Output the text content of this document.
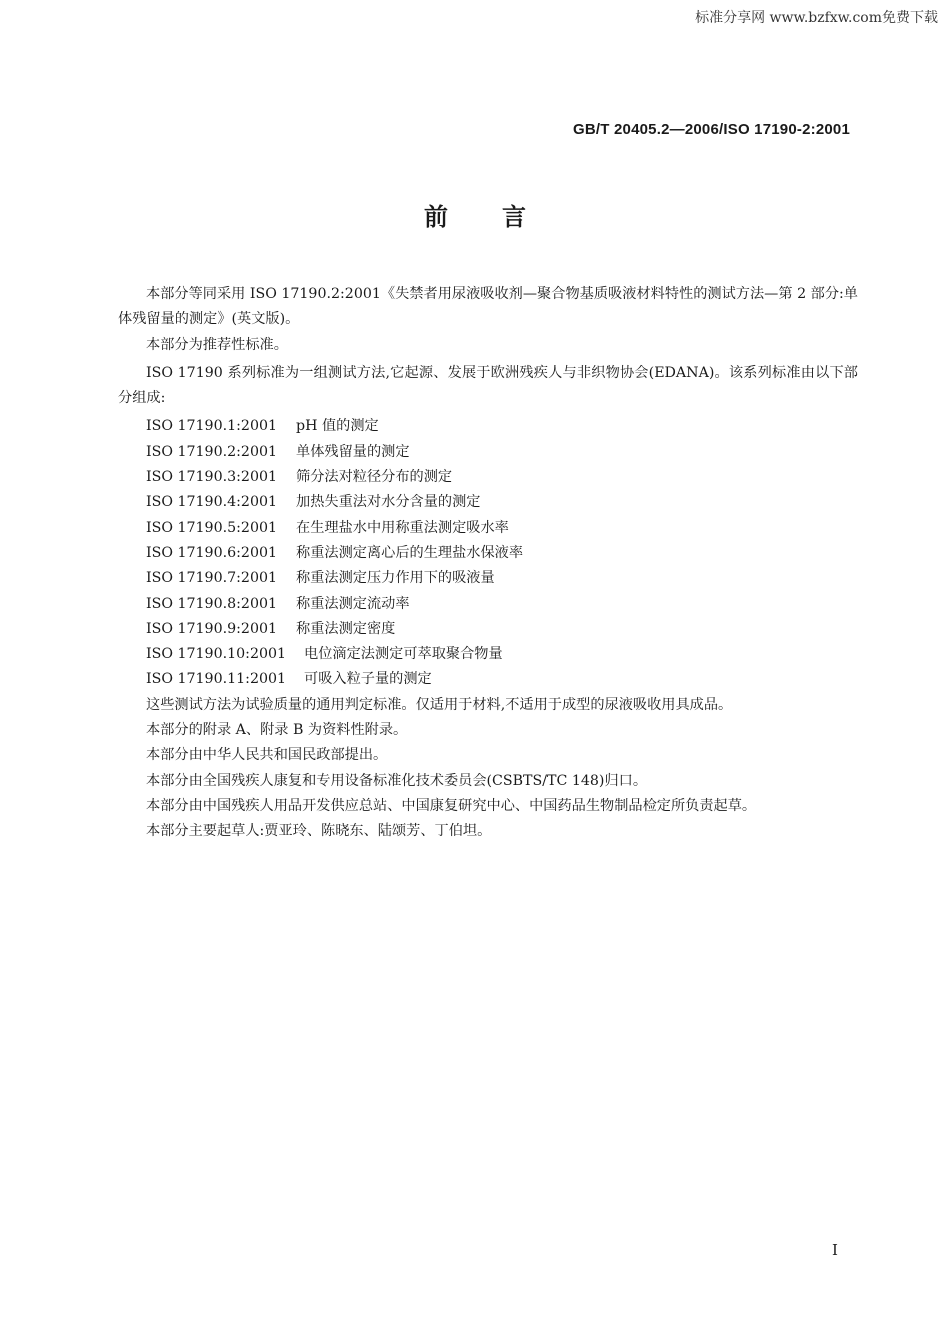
标准分享网 www.bzfxw.com免费下载
GB/T 20405.2—2006/ISO 17190-2:2001
前言

本部分等同采用 ISO 17190.2:2001《失禁者用尿液吸收剂—聚合物基质吸液材料特性的测试方法—第 2 部分:单体残留量的测定》(英文版)。

本部分为推荐性标准。

ISO 17190 系列标准为一组测试方法,它起源、发展于欧洲残疾人与非织物协会(EDANA)。该系列标准由以下部分组成:

ISO 17190.1:2001 pH 值的测定
ISO 17190.2:2001 单体残留量的测定
ISO 17190.3:2001 筛分法对粒径分布的测定
ISO 17190.4:2001 加热失重法对水分含量的测定
ISO 17190.5:2001 在生理盐水中用称重法测定吸水率
ISO 17190.6:2001 称重法测定离心后的生理盐水保液率
ISO 17190.7:2001 称重法测定压力作用下的吸液量
ISO 17190.8:2001 称重法测定流动率
ISO 17190.9:2001 称重法测定密度
ISO 17190.10:2001 电位滴定法测定可萃取聚合物量
ISO 17190.11:2001 可吸入粒子量的测定

这些测试方法为试验质量的通用判定标准。仅适用于材料,不适用于成型的尿液吸收用具成品。

本部分的附录 A、附录 B 为资料性附录。

本部分由中华人民共和国民政部提出。

本部分由全国残疾人康复和专用设备标准化技术委员会(CSBTS/TC 148)归口。

本部分由中国残疾人用品开发供应总站、中国康复研究中心、中国药品生物制品检定所负责起草。

本部分主要起草人:贾亚玲、陈晓东、陆颂芳、丁伯坦。

I
